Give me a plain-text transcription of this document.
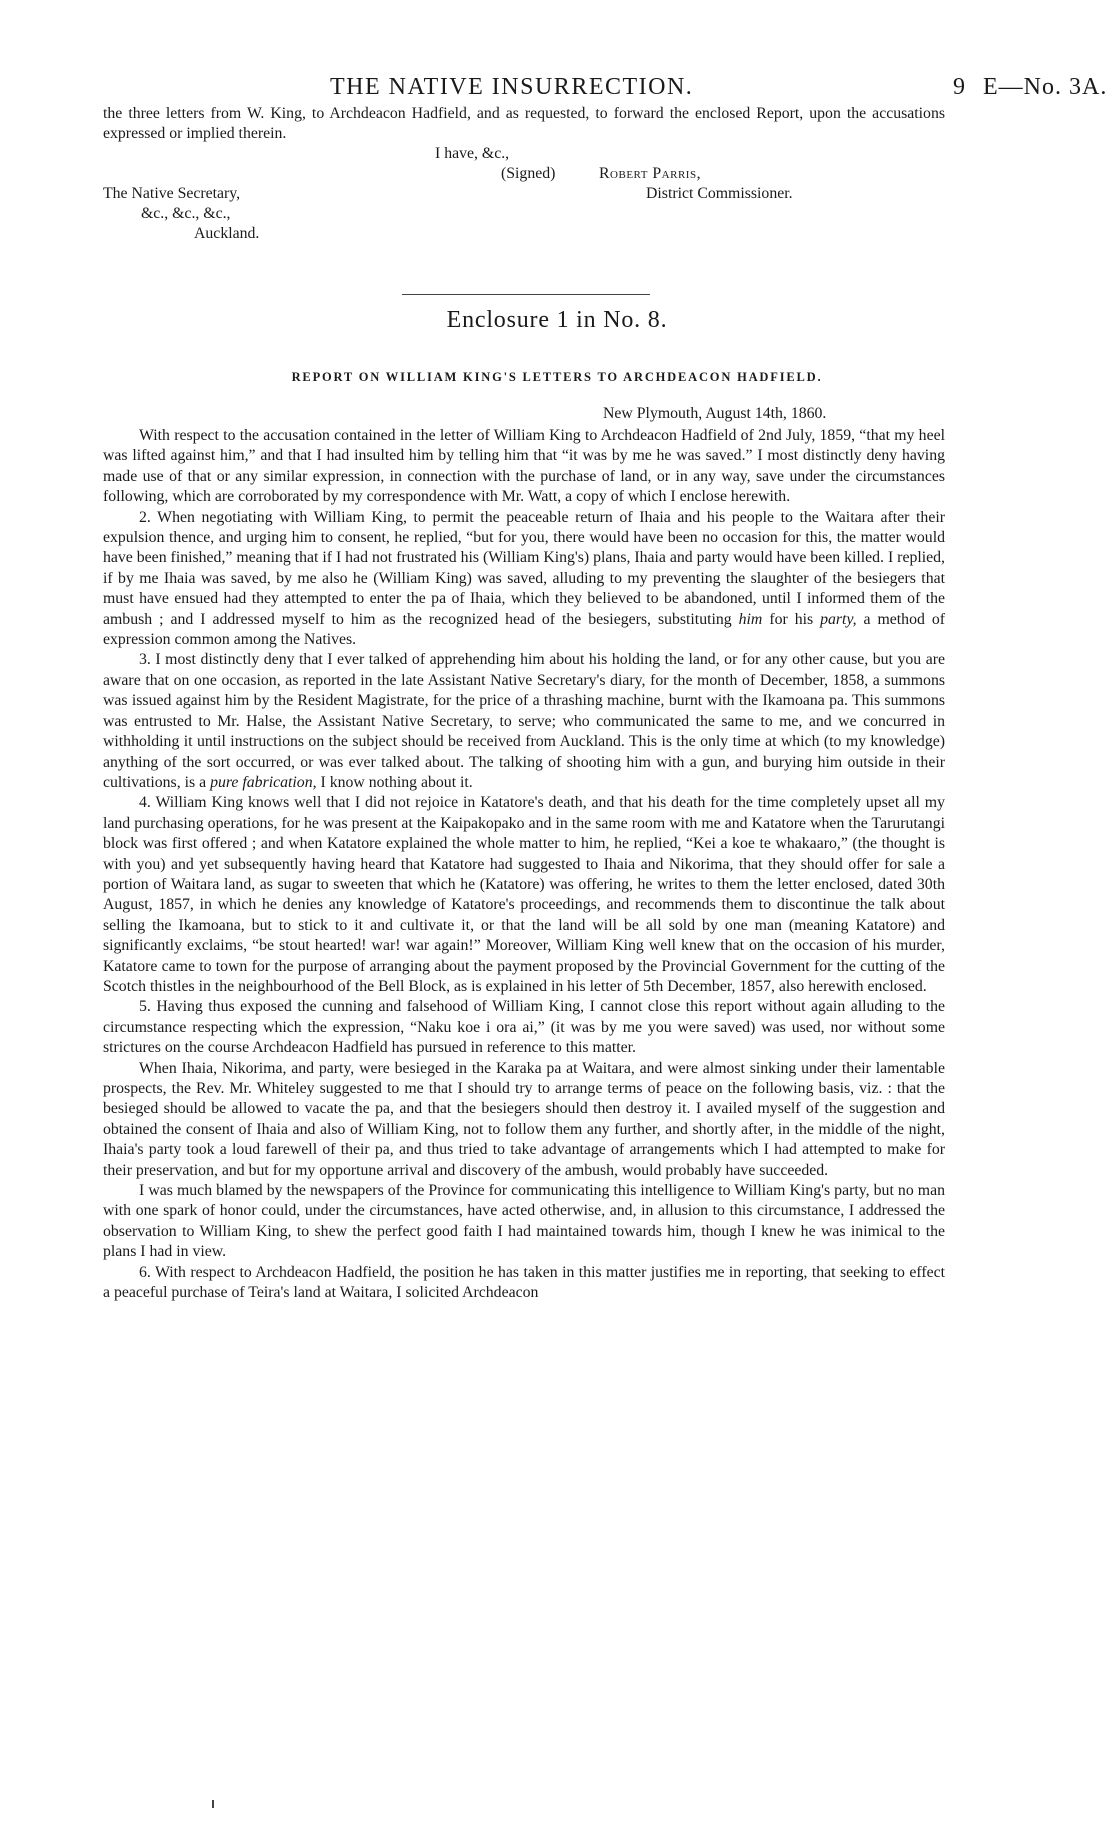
THE NATIVE INSURRECTION.	9 E—No. 3A.

the three letters from W. King, to Archdeacon Hadfield, and as requested, to forward the enclosed Report, upon the accusations expressed or implied therein.

I have, &c.,
(Signed)	Robert Parris,
District Commissioner.
The Native Secretary,
&c., &c., &c.,
Auckland.
Enclosure 1 in No. 8.
REPORT ON WILLIAM KING'S LETTERS TO ARCHDEACON HADFIELD.
New Plymouth, August 14th, 1860.

With respect to the accusation contained in the letter of William King to Archdeacon Hadfield of 2nd July, 1859, “that my heel was lifted against him,” and that I had insulted him by telling him that “it was by me he was saved.” I most distinctly deny having made use of that or any similar expression, in connection with the purchase of land, or in any way, save under the circumstances following, which are corroborated by my correspondence with Mr. Watt, a copy of which I enclose herewith.

2. When negotiating with William King, to permit the peaceable return of Ihaia and his people to the Waitara after their expulsion thence, and urging him to consent, he replied, “but for you, there would have been no occasion for this, the matter would have been finished,” meaning that if I had not frustrated his (William King's) plans, Ihaia and party would have been killed. I replied, if by me Ihaia was saved, by me also he (William King) was saved, alluding to my preventing the slaughter of the besiegers that must have ensued had they attempted to enter the pa of Ihaia, which they believed to be abandoned, until I informed them of the ambush ; and I addressed myself to him as the recognized head of the besiegers, substituting him for his party, a method of expression common among the Natives.

3. I most distinctly deny that I ever talked of apprehending him about his holding the land, or for any other cause, but you are aware that on one occasion, as reported in the late Assistant Native Secretary's diary, for the month of December, 1858, a summons was issued against him by the Resident Magistrate, for the price of a thrashing machine, burnt with the Ikamoana pa. This summons was entrusted to Mr. Halse, the Assistant Native Secretary, to serve; who communicated the same to me, and we concurred in withholding it until instructions on the subject should be received from Auckland. This is the only time at which (to my knowledge) anything of the sort occurred, or was ever talked about. The talking of shooting him with a gun, and burying him outside in their cultivations, is a pure fabrication, I know nothing about it.

4. William King knows well that I did not rejoice in Katatore's death, and that his death for the time completely upset all my land purchasing operations, for he was present at the Kaipakopako and in the same room with me and Katatore when the Tarurutangi block was first offered ; and when Katatore explained the whole matter to him, he replied, “Kei a koe te whakaaro,” (the thought is with you) and yet subsequently having heard that Katatore had suggested to Ihaia and Nikorima, that they should offer for sale a portion of Waitara land, as sugar to sweeten that which he (Katatore) was offering, he writes to them the letter enclosed, dated 30th August, 1857, in which he denies any knowledge of Katatore's proceedings, and recommends them to discontinue the talk about selling the Ikamoana, but to stick to it and cultivate it, or that the land will be all sold by one man (meaning Katatore) and significantly exclaims, “be stout hearted! war! war again!” Moreover, William King well knew that on the occasion of his murder, Katatore came to town for the purpose of arranging about the payment proposed by the Provincial Government for the cutting of the Scotch thistles in the neighbourhood of the Bell Block, as is explained in his letter of 5th December, 1857, also herewith enclosed.

5. Having thus exposed the cunning and falsehood of William King, I cannot close this report without again alluding to the circumstance respecting which the expression, “Naku koe i ora ai,” (it was by me you were saved) was used, nor without some strictures on the course Archdeacon Hadfield has pursued in reference to this matter.

When Ihaia, Nikorima, and party, were besieged in the Karaka pa at Waitara, and were almost sinking under their lamentable prospects, the Rev. Mr. Whiteley suggested to me that I should try to arrange terms of peace on the following basis, viz. : that the besieged should be allowed to vacate the pa, and that the besiegers should then destroy it. I availed myself of the suggestion and obtained the consent of Ihaia and also of William King, not to follow them any further, and shortly after, in the middle of the night, Ihaia's party took a loud farewell of their pa, and thus tried to take advantage of arrangements which I had attempted to make for their preservation, and but for my opportune arrival and discovery of the ambush, would probably have succeeded.

I was much blamed by the newspapers of the Province for communicating this intelligence to William King's party, but no man with one spark of honor could, under the circumstances, have acted otherwise, and, in allusion to this circumstance, I addressed the observation to William King, to shew the perfect good faith I had maintained towards him, though I knew he was inimical to the plans I had in view.

6. With respect to Archdeacon Hadfield, the position he has taken in this matter justifies me in reporting, that seeking to effect a peaceful purchase of Teira's land at Waitara, I solicited Archdeacon
